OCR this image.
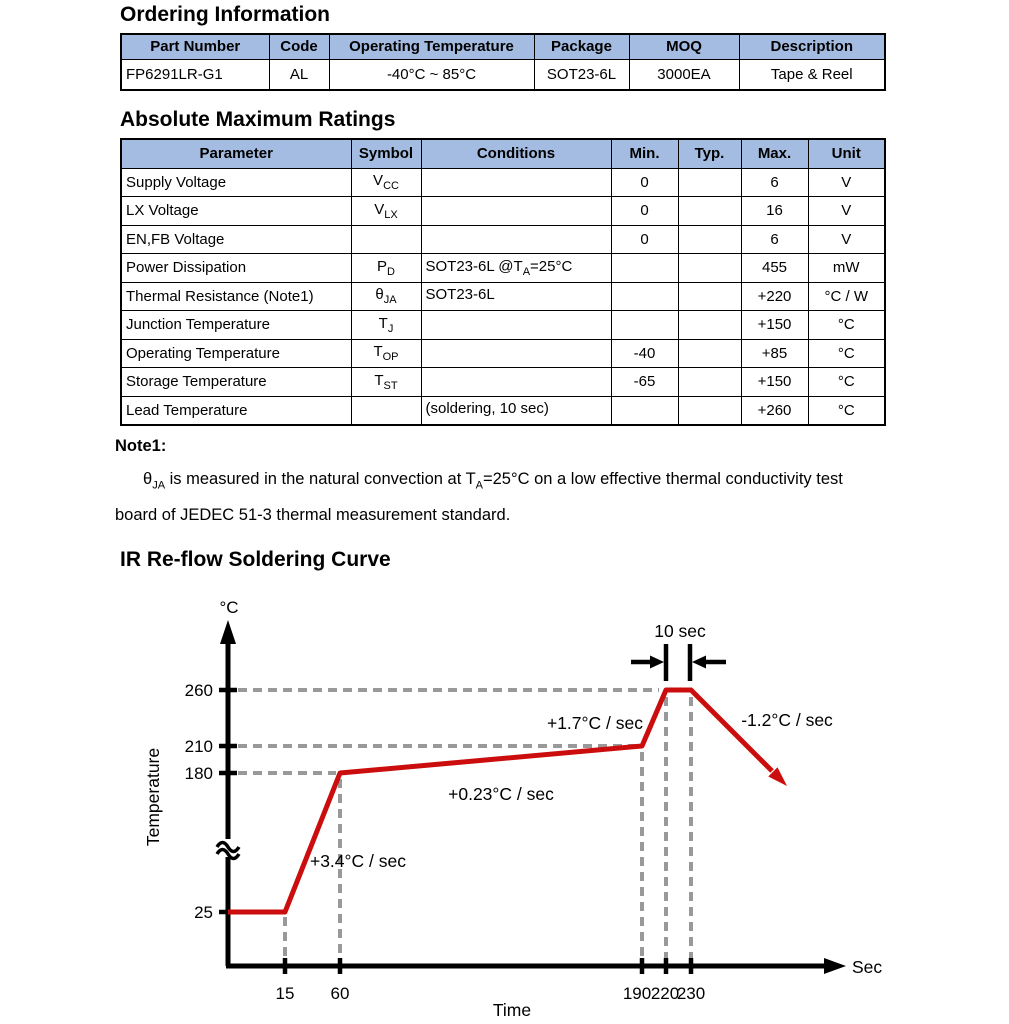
Ordering Information
Part Number	Code	Operating Temperature	Package	MOQ	Description
FP6291LR-G1	AL	-40°C ~ 85°C	SOT23-6L	3000EA	Tape & Reel
Absolute Maximum Ratings
Parameter	Symbol	Conditions	Min.	Typ.	Max.	Unit
Supply Voltage	$V_{CC}$		0		6	V
LX Voltage	$V_{LX}$		0		16	V
EN,FB Voltage			0		6	V
Power Dissipation	$P_D$	SOT23-6L $@T_A=25^\circ C$			455	mW
Thermal Resistance (Note1)	$\theta_{JA}$	SOT23-6L			+220	°C / W
Junction Temperature	$T_J$				+150	°C
Operating Temperature	$T_{OP}$		-40		+85	°C
Storage Temperature	$T_{ST}$		-65		+150	°C
Lead Temperature		(soldering, 10 sec)			+260	°C
Note1:
$\theta_{JA}$ is measured in the natural convection at $T_A=25^\circ C$ on a low effective thermal conductivity test
board of JEDEC 51-3 thermal measurement standard.
IR Re-flow Soldering Curve
260
210
180
25
15 60	190 220
230
10 sec
+1.7°C / sec	-1.2°C / sec
+0.23°C / sec
+3.4°C / sec
°C
Sec
Time
Temperature
